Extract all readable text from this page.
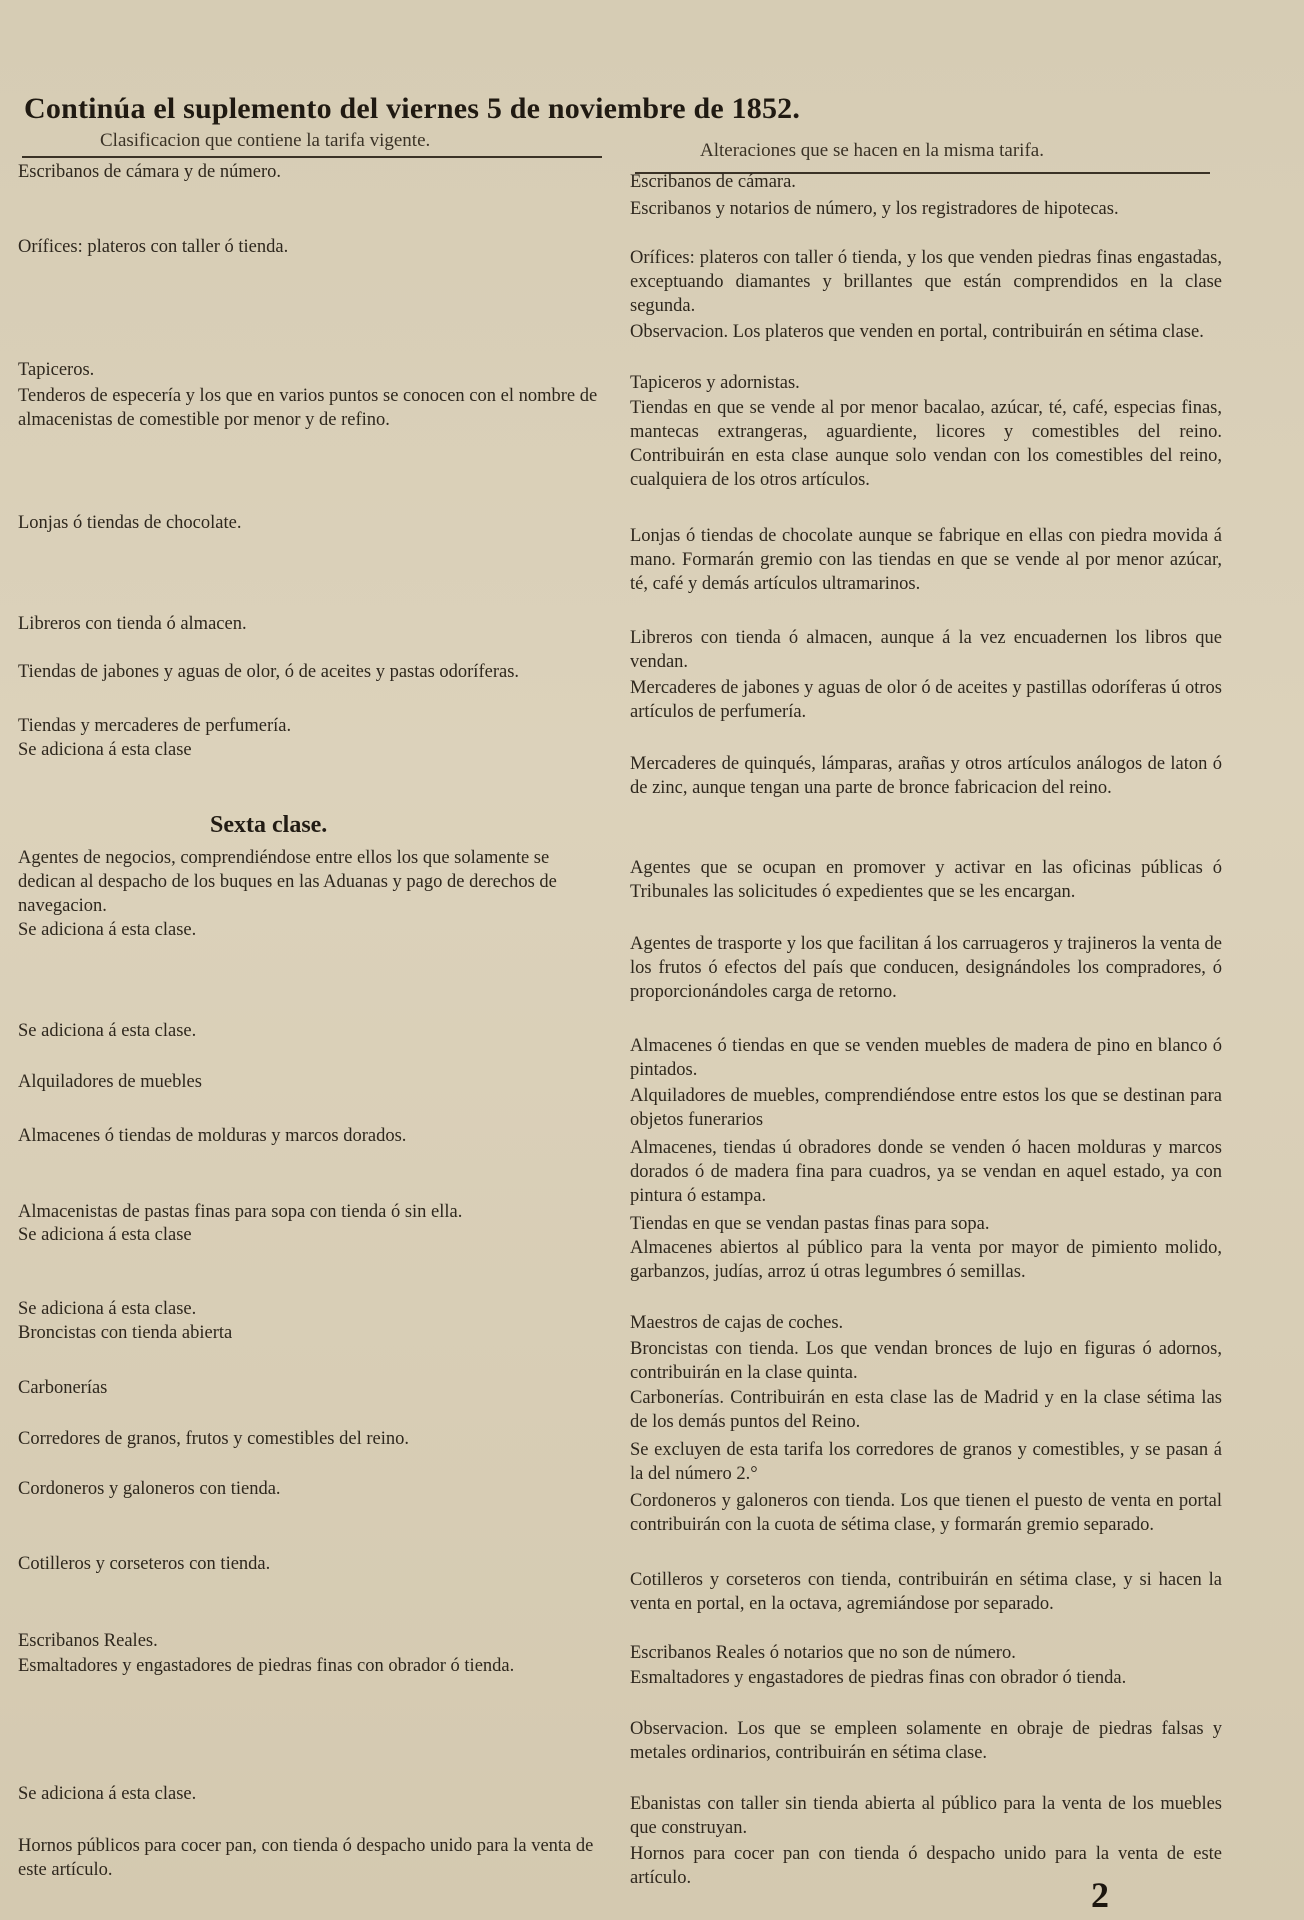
Continúa el suplemento del viernes 5 de noviembre de 1852.
Clasificacion que contiene la tarifa vigente.	Alteraciones que se hacen en la misma tarifa.
Sexta clase.

Escribanos de cámara y de número.

Orífices: plateros con taller ó tienda.

Tapiceros.

Tenderos de especería y los que en varios puntos se conocen con el nombre de almacenistas de comestible por menor y de refino.

Lonjas ó tiendas de chocolate.

Libreros con tienda ó almacen.

Tiendas de jabones y aguas de olor, ó de aceites y pastas odoríferas.

Tiendas y mercaderes de perfumería.

Se adiciona á esta clase

Agentes de negocios, comprendiéndose entre ellos los que solamente se dedican al despacho de los buques en las Aduanas y pago de derechos de navegacion.

Se adiciona á esta clase.

Se adiciona á esta clase.

Alquiladores de muebles

Almacenes ó tiendas de molduras y marcos dorados.

Almacenistas de pastas finas para sopa con tienda ó sin ella.

Se adiciona á esta clase

Se adiciona á esta clase.

Broncistas con tienda abierta

Carbonerías

Corredores de granos, frutos y comestibles del reino.

Cordoneros y galoneros con tienda.

Cotilleros y corseteros con tienda.

Escribanos Reales.

Esmaltadores y engastadores de piedras finas con obrador ó tienda.

Se adiciona á esta clase.

Hornos públicos para cocer pan, con tienda ó despacho unido para la venta de este artículo.

Escribanos de cámara.

Escribanos y notarios de número, y los registradores de hipotecas.

Orífices: plateros con taller ó tienda, y los que venden piedras finas engastadas, exceptuando diamantes y brillantes que están comprendidos en la clase segunda.

Observacion. Los plateros que venden en portal, contribuirán en sétima clase.

Tapiceros y adornistas.

Tiendas en que se vende al por menor bacalao, azúcar, té, café, especias finas, mantecas extrangeras, aguardiente, licores y comestibles del reino. Contribuirán en esta clase aunque solo vendan con los comestibles del reino, cualquiera de los otros artículos.

Lonjas ó tiendas de chocolate aunque se fabrique en ellas con piedra movida á mano. Formarán gremio con las tiendas en que se vende al por menor azúcar, té, café y demás artículos ultramarinos.

Libreros con tienda ó almacen, aunque á la vez encuadernen los libros que vendan.

Mercaderes de jabones y aguas de olor ó de aceites y pastillas odoríferas ú otros artículos de perfumería.

Mercaderes de quinqués, lámparas, arañas y otros artículos análogos de laton ó de zinc, aunque tengan una parte de bronce fabricacion del reino.

Agentes que se ocupan en promover y activar en las oficinas públicas ó Tribunales las solicitudes ó expedientes que se les encargan.

Agentes de trasporte y los que facilitan á los carruageros y trajineros la venta de los frutos ó efectos del país que conducen, designándoles los compradores, ó proporcionándoles carga de retorno.

Almacenes ó tiendas en que se venden muebles de madera de pino en blanco ó pintados.

Alquiladores de muebles, comprendiéndose entre estos los que se destinan para objetos funerarios

Almacenes, tiendas ú obradores donde se venden ó hacen molduras y marcos dorados ó de madera fina para cuadros, ya se vendan en aquel estado, ya con pintura ó estampa.

Tiendas en que se vendan pastas finas para sopa.

Almacenes abiertos al público para la venta por mayor de pimiento molido, garbanzos, judías, arroz ú otras legumbres ó semillas.

Maestros de cajas de coches.

Broncistas con tienda. Los que vendan bronces de lujo en figuras ó adornos, contribuirán en la clase quinta.

Carbonerías. Contribuirán en esta clase las de Madrid y en la clase sétima las de los demás puntos del Reino.

Se excluyen de esta tarifa los corredores de granos y comestibles, y se pasan á la del número 2.°

Cordoneros y galoneros con tienda. Los que tienen el puesto de venta en portal contribuirán con la cuota de sétima clase, y formarán gremio separado.

Cotilleros y corseteros con tienda, contribuirán en sétima clase, y si hacen la venta en portal, en la octava, agremiándose por separado.

Escribanos Reales ó notarios que no son de número.

Esmaltadores y engastadores de piedras finas con obrador ó tienda.

Observacion. Los que se empleen solamente en obraje de piedras falsas y metales ordinarios, contribuirán en sétima clase.

Ebanistas con taller sin tienda abierta al público para la venta de los muebles que construyan.

Hornos para cocer pan con tienda ó despacho unido para la venta de este artículo.	2
